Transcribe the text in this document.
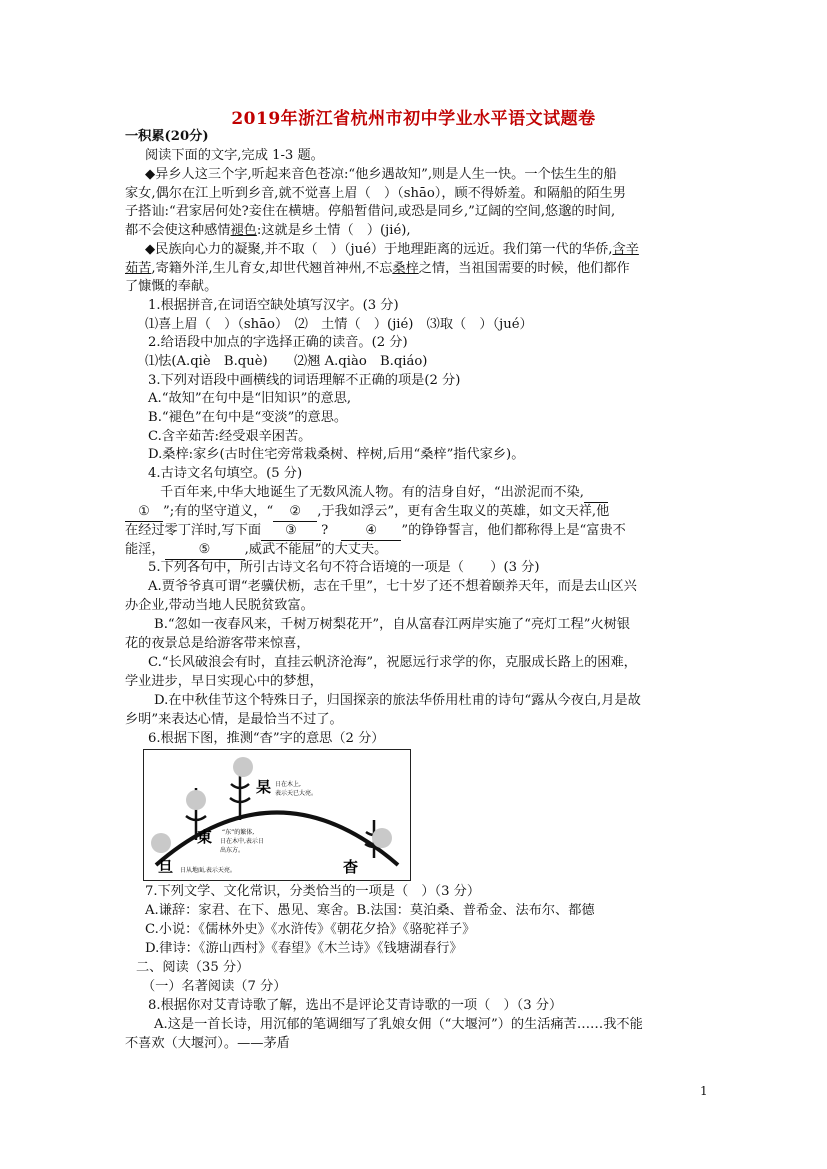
2019年浙江省杭州市初中学业水平语文试题卷
一积累(20分)
阅读下面的文字,完成 1-3 题。
◆异乡人这三个字,听起来音色苍凉:“他乡遇故知”,则是人生一快。一个怯生生的船
家女,偶尔在江上听到乡音,就不觉喜上眉（　）（shāo），顾不得娇羞。和隔船的陌生男
子搭讪:“君家居何处?妾住在横塘。停船暂借问,或恐是同乡,”辽阔的空间,悠邈的时间,
都不会使这种感情褪色:这就是乡土情（　）(jié),
◆民族向心力的凝聚,并不取（　）（jué）于地理距离的远近。我们第一代的华侨,含辛
茹苦,寄籍外洋,生儿育女,却世代翘首神州,不忘桑梓之情，当祖国需要的时候，他们都作
了慷慨的奉献。
1.根据拼音,在词语空缺处填写汉字。(3 分)
⑴喜上眉（　）（shāo）　⑵　土情（　）(jié)　⑶取（　）（jué）
2.给语段中加点的字选择正确的读音。(2 分)
⑴怯(A.qiè　B.què)　　⑵翘 A.qiào　B.qiáo)
3.下列对语段中画横线的词语理解不正确的项是(2 分)
A.“故知”在句中是“旧知识”的意思,
B.“褪色”在句中是“变淡”的意思。
C.含辛茹苦:经受艰辛困苦。
D.桑梓:家乡(古时住宅旁常栽桑树、梓树,后用“桑梓”指代家乡)。
4.古诗文名句填空。(5 分)
千百年来,中华大地诞生了无数风流人物。有的洁身自好，“出淤泥而不染,
① ”;有的坚守道义，“ ② ,于我如浮云”，更有舍生取义的英雄，如文天祥,他
在经过零丁洋时,写下面 ③ ?　④ ”的铮铮誓言，他们都称得上是“富贵不
能淫，	⑤	,威武不能屈”的大丈夫。
5.下列各句中，所引古诗文名句不符合语境的一项是（　　）(3 分)
A.贾爷爷真可谓“老骥伏枥，志在千里”，七十岁了还不想着颐养天年，而是去山区兴
办企业,带动当地人民脱贫致富。
B.“忽如一夜春风来，千树万树梨花开”，自从富春江两岸实施了“亮灯工程”火树银
花的夜景总是给游客带来惊喜，
C.“长风破浪会有时，直挂云帆济沧海”，祝愿远行求学的你，克服成长路上的困难，
学业进步，早日实现心中的梦想，
D.在中秋佳节这个特殊日子，归国探亲的旅法华侨用杜甫的诗句“露从今夜白,月是故
乡明”来表达心情，是最恰当不过了。
6.根据下图，推测“杳”字的意思（2 分）
杲 日在木上,
表示天已大亮。
東 “东”的繁体,
日在木中,表示日
出东方。
旦 日从地面,表示天亮。	杳
7.下列文学、文化常识，分类恰当的一项是（　）（3 分）
A.谦辞：家君、在下、愚见、寒舍。B.法国：莫泊桑、普希金、法布尔、都德
C.小说：《儒林外史》《水浒传》《朝花夕拾》《骆驼祥子》
D.律诗：《游山西村》《春望》《木兰诗》《钱塘湖春行》
二、阅读（35 分）
（一）名著阅读（7 分）
8.根据你对艾青诗歌了解，选出不是评论艾青诗歌的一项（　）（3 分）
A.这是一首长诗，用沉郁的笔调细写了乳娘女佣（“大堰河”）的生活痛苦……我不能
不喜欢（大堰河）。——茅盾
1
